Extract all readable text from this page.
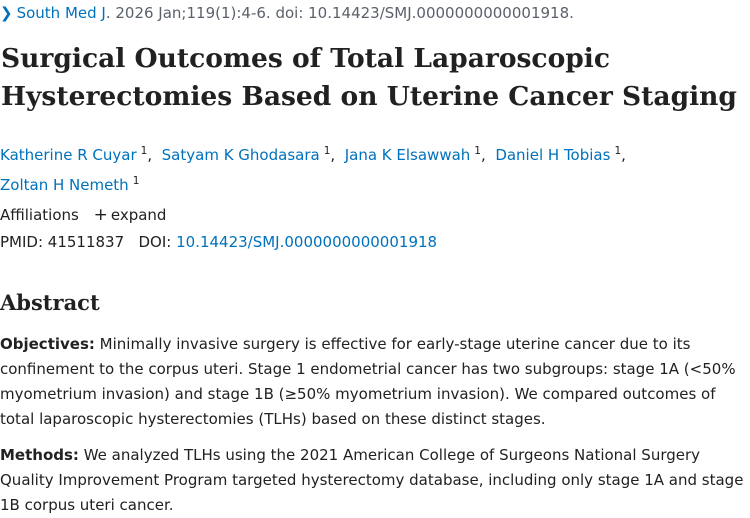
❯ South Med J. 2026 Jan;119(1):4-6. doi: 10.14423/SMJ.0000000000001918.
Surgical Outcomes of Total Laparoscopic
Hysterectomies Based on Uterine Cancer Staging
Katherine R Cuyar $^1$,  Satyam K Ghodasara $^1$,  Jana K Elsawwah $^1$,  Daniel H Tobias $^1$,
Zoltan H Nemeth $^1$
Affiliations + expand
PMID: 41511837 DOI: 10.14423/SMJ.0000000000001918
Abstract

Objectives: Minimally invasive surgery is effective for early-stage uterine cancer due to its confinement to the corpus uteri. Stage 1 endometrial cancer has two subgroups: stage 1A (<50% myometrium invasion) and stage 1B (≥50% myometrium invasion). We compared outcomes of total laparoscopic hysterectomies (TLHs) based on these distinct stages.

Methods: We analyzed TLHs using the 2021 American College of Surgeons National Surgery Quality Improvement Program targeted hysterectomy database, including only stage 1A and stage 1B corpus uteri cancer.
